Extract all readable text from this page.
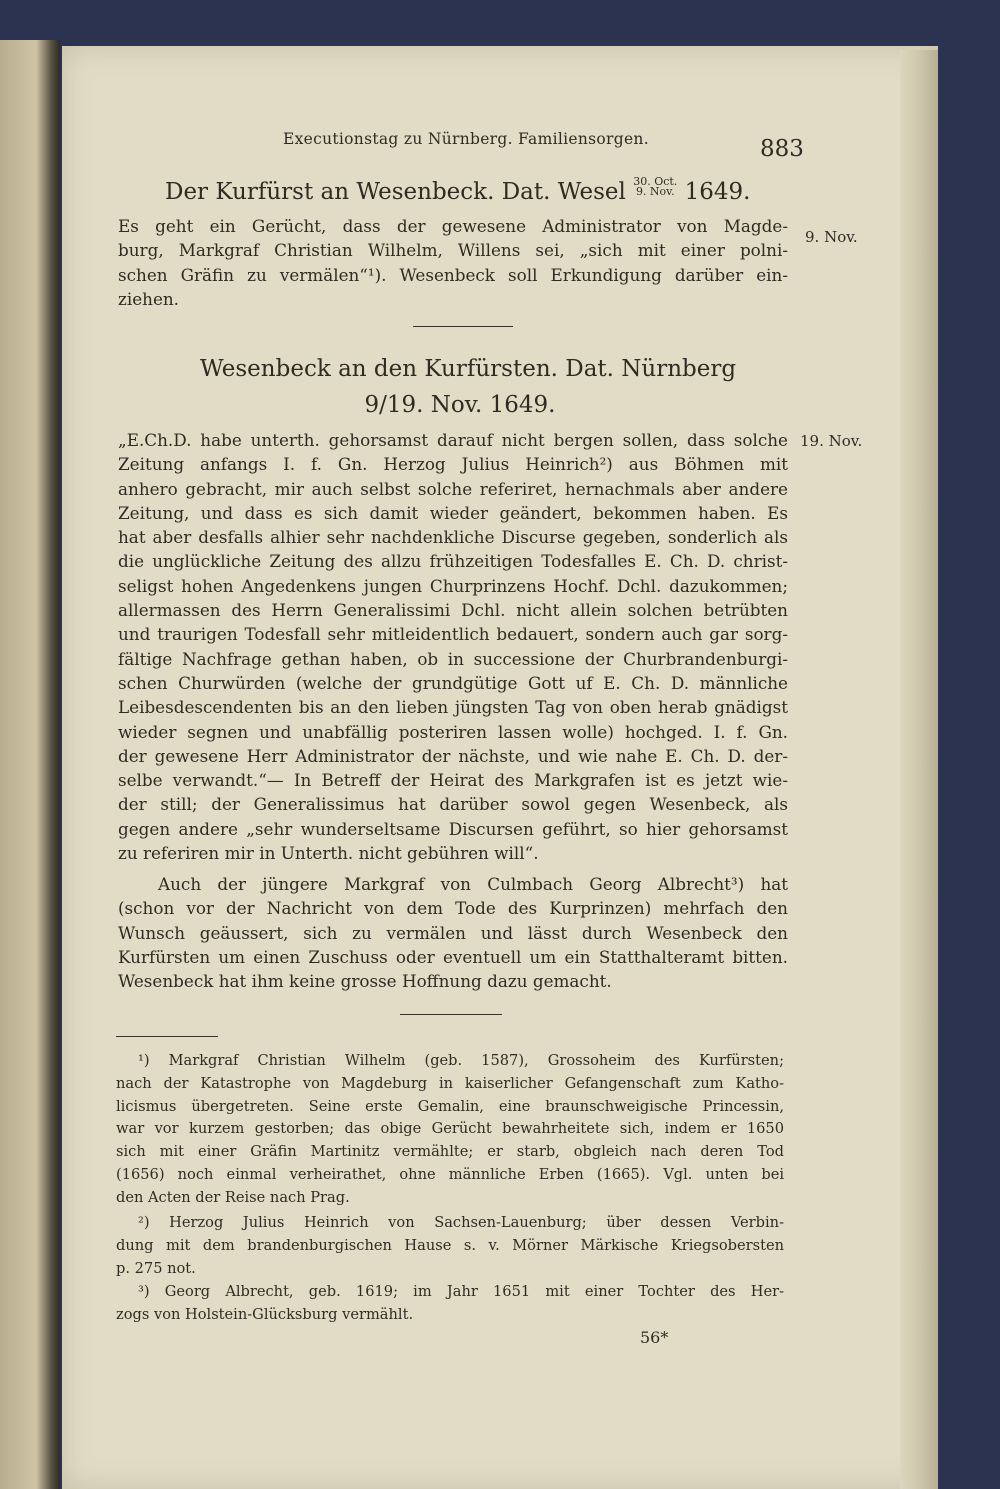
Executionstag zu Nürnberg. Familiensorgen.	883
Der Kurfürst an Wesenbeck. Dat. Wesel 30. Oct.
9. Nov. 1649.
9. Nov.
Es geht ein Gerücht, dass der gewesene Administrator von Magde-
burg, Markgraf Christian Wilhelm, Willens sei, „sich mit einer polni-
schen Gräfin zu vermälen“¹). Wesenbeck soll Erkundigung darüber ein-
ziehen.
Wesenbeck an den Kurfürsten. Dat. Nürnberg
9/19. Nov. 1649.
19. Nov.
„E.Ch.D. habe unterth. gehorsamst darauf nicht bergen sollen, dass solche
Zeitung anfangs I. f. Gn. Herzog Julius Heinrich²) aus Böhmen mit
anhero gebracht, mir auch selbst solche referiret, hernachmals aber andere
Zeitung, und dass es sich damit wieder geändert, bekommen haben. Es
hat aber desfalls alhier sehr nachdenkliche Discurse gegeben, sonderlich als
die unglückliche Zeitung des allzu frühzeitigen Todesfalles E. Ch. D. christ-
seligst hohen Angedenkens jungen Churprinzens Hochf. Dchl. dazukommen;
allermassen des Herrn Generalissimi Dchl. nicht allein solchen betrübten
und traurigen Todesfall sehr mitleidentlich bedauert, sondern auch gar sorg-
fältige Nachfrage gethan haben, ob in successione der Churbrandenburgi-
schen Churwürden (welche der grundgütige Gott uf E. Ch. D. männliche
Leibesdescendenten bis an den lieben jüngsten Tag von oben herab gnädigst
wieder segnen und unabfällig posteriren lassen wolle) hochged. I. f. Gn.
der gewesene Herr Administrator der nächste, und wie nahe E. Ch. D. der-
selbe verwandt.“— In Betreff der Heirat des Markgrafen ist es jetzt wie-
der still; der Generalissimus hat darüber sowol gegen Wesenbeck, als
gegen andere „sehr wunderseltsame Discursen geführt, so hier gehorsamst
zu referiren mir in Unterth. nicht gebühren will“.
Auch der jüngere Markgraf von Culmbach Georg Albrecht³) hat
(schon vor der Nachricht von dem Tode des Kurprinzen) mehrfach den
Wunsch geäussert, sich zu vermälen und lässt durch Wesenbeck den
Kurfürsten um einen Zuschuss oder eventuell um ein Statthalteramt bitten.
Wesenbeck hat ihm keine grosse Hoffnung dazu gemacht.
¹) Markgraf Christian Wilhelm (geb. 1587), Grossoheim des Kurfürsten;
nach der Katastrophe von Magdeburg in kaiserlicher Gefangenschaft zum Katho-
licismus übergetreten. Seine erste Gemalin, eine braunschweigische Princessin,
war vor kurzem gestorben; das obige Gerücht bewahrheitete sich, indem er 1650
sich mit einer Gräfin Martinitz vermählte; er starb, obgleich nach deren Tod
(1656) noch einmal verheirathet, ohne männliche Erben (1665). Vgl. unten bei
den Acten der Reise nach Prag.
²) Herzog Julius Heinrich von Sachsen-Lauenburg; über dessen Verbin-
dung mit dem brandenburgischen Hause s. v. Mörner Märkische Kriegsobersten
p. 275 not.
³) Georg Albrecht, geb. 1619; im Jahr 1651 mit einer Tochter des Her-
zogs von Holstein-Glücksburg vermählt.
56*
